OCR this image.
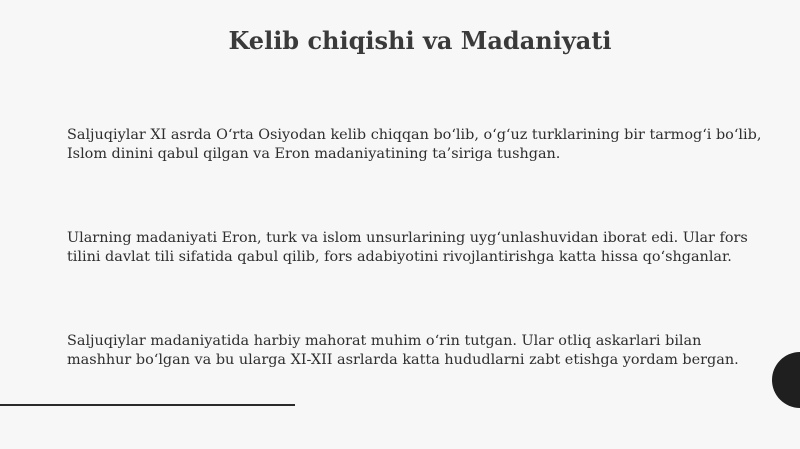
Kelib chiqishi va Madaniyati

Saljuqiylar XI asrda O‘rta Osiyodan kelib chiqqan bo‘lib, o‘g‘uz turklarining bir tarmog‘i bo‘lib, Islom dinini qabul qilgan va Eron madaniyatining ta’siriga tushgan.

Ularning madaniyati Eron, turk va islom unsurlarining uyg‘unlashuvidan iborat edi. Ular fors tilini davlat tili sifatida qabul qilib, fors adabiyotini rivojlantirishga katta hissa qo‘shganlar.

Saljuqiylar madaniyatida harbiy mahorat muhim o‘rin tutgan. Ular otliq askarlari bilan mashhur bo‘lgan va bu ularga XI-XII asrlarda katta hududlarni zabt etishga yordam bergan.
